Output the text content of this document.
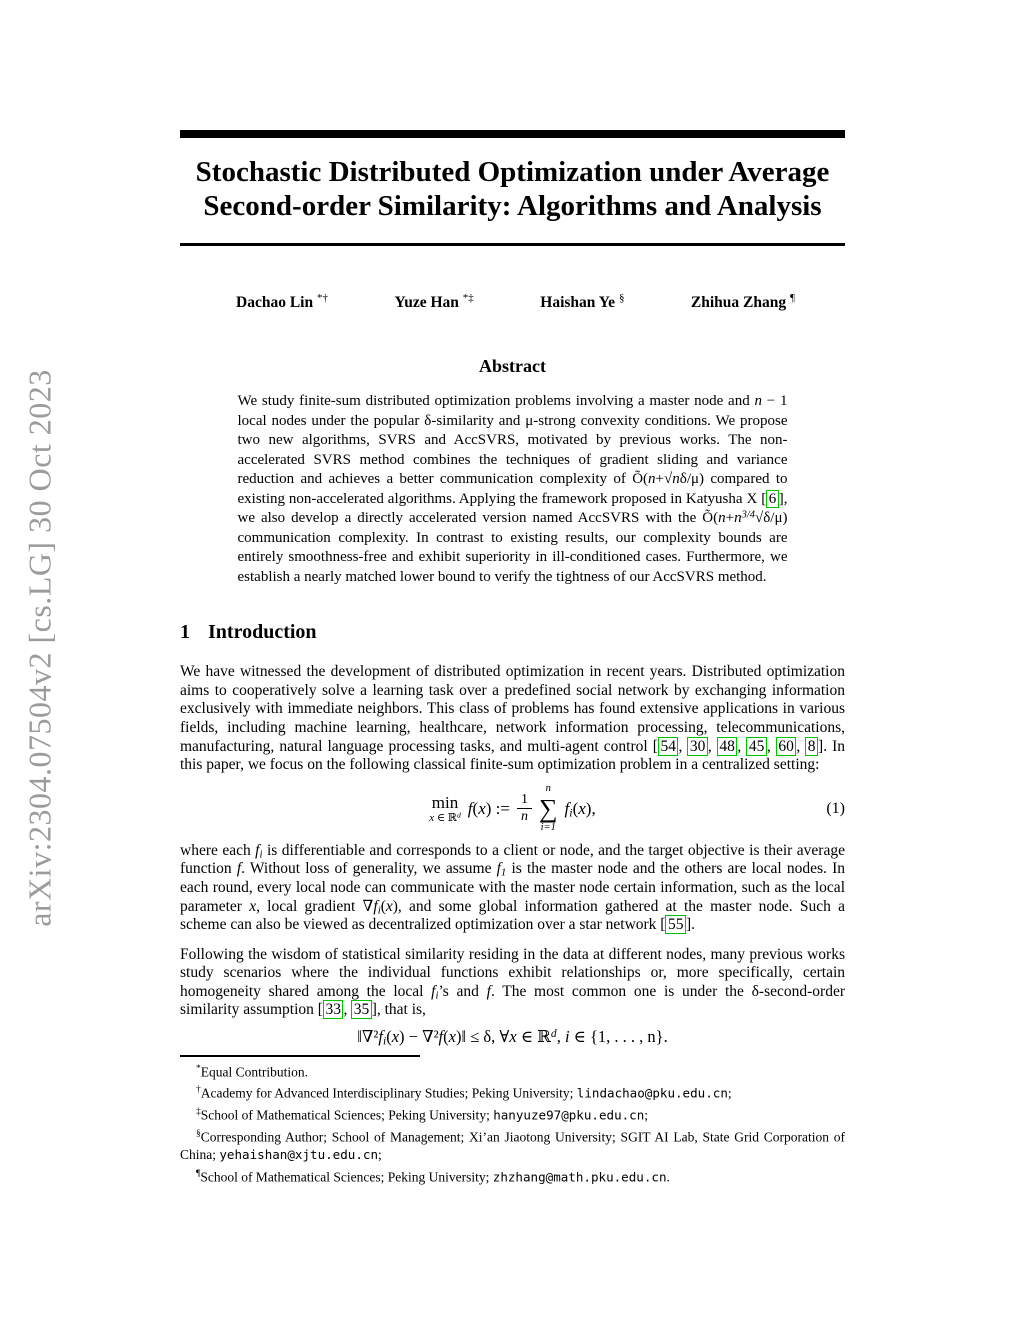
arXiv:2304.07504v2 [cs.LG] 30 Oct 2023
Stochastic Distributed Optimization under Average
Second-order Similarity: Algorithms and Analysis
Dachao Lin *†	Yuze Han *‡	Haishan Ye §	Zhihua Zhang ¶
Abstract

We study finite-sum distributed optimization problems involving a master node and n − 1 local nodes under the popular δ-similarity and μ-strong convexity conditions. We propose two new algorithms, SVRS and AccSVRS, motivated by previous works. The non-accelerated SVRS method combines the techniques of gradient sliding and variance reduction and achieves a better communication complexity of Õ(n+√nδ/μ) compared to existing non-accelerated algorithms. Applying the framework proposed in Katyusha X [ 6 ], we also develop a directly accelerated version named AccSVRS with the $Õ(n+n^{3/4}√\delta/\mu)$ communication complexity. In contrast to existing results, our complexity bounds are entirely smoothness-free and exhibit superiority in ill-conditioned cases. Furthermore, we establish a nearly matched lower bound to verify the tightness of our AccSVRS method.

1 Introduction

We have witnessed the development of distributed optimization in recent years. Distributed optimization aims to cooperatively solve a learning task over a predefined social network by exchanging information exclusively with immediate neighbors. This class of problems has found extensive applications in various fields, including machine learning, healthcare, network information processing, telecommunications, manufacturing, natural language processing tasks, and multi-agent control [ 54 , 30 , 48 , 45 , 60 , 8 ]. In this paper, we focus on the following classical finite-sum optimization problem in a centralized setting:

min
x ∈ ℝ$^d$ f(x) := $\frac{1}{n}$
n
∑
i=1
fi(x),	(1)

where each fi is differentiable and corresponds to a client or node, and the target objective is their average function f. Without loss of generality, we assume f1 is the master node and the others are local nodes. In each round, every local node can communicate with the master node certain information, such as the local parameter x, local gradient ∇fi(x), and some global information gathered at the master node. Such a scheme can also be viewed as decentralized optimization over a star network [ 55 ].

Following the wisdom of statistical similarity residing in the data at different nodes, many previous works study scenarios where the individual functions exhibit relationships or, more specifically, certain homogeneity shared among the local fi’s and f. The most common one is under the δ-second-order similarity assumption [ 33 , 35 ], that is,

‖∇²fi(x) − ∇²f(x)‖ ≤ δ, ∀x ∈ ℝ$^d$, i ∈ {1, . . . , n}.

*Equal Contribution.

†Academy for Advanced Interdisciplinary Studies; Peking University; lindachao@pku.edu.cn;

‡School of Mathematical Sciences; Peking University; hanyuze97@pku.edu.cn;

§Corresponding Author; School of Management; Xi’an Jiaotong University; SGIT AI Lab, State Grid Corporation of China; yehaishan@xjtu.edu.cn;

¶School of Mathematical Sciences; Peking University; zhzhang@math.pku.edu.cn.
